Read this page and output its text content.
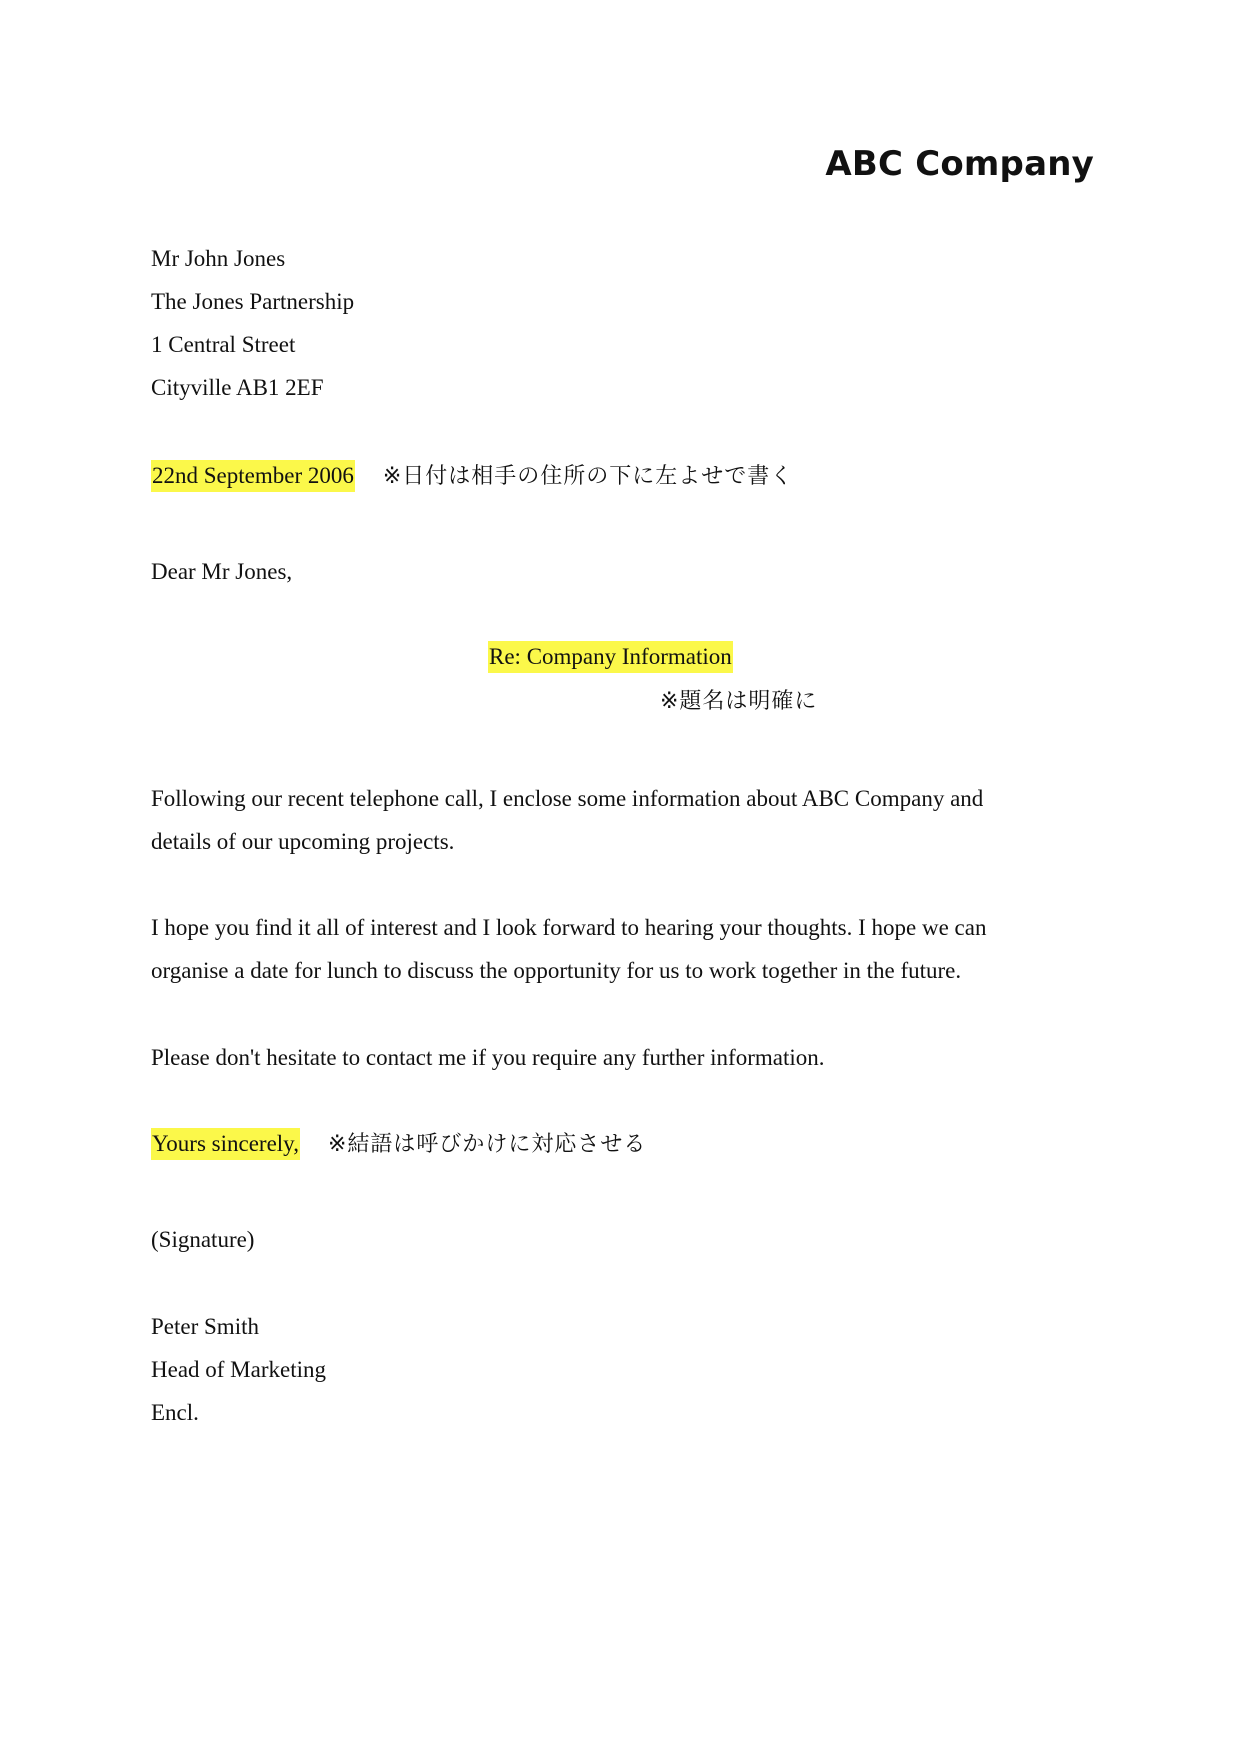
ABC Company
Mr John Jones
The Jones Partnership
1 Central Street
Cityville AB1 2EF
22nd September 2006 ※日付は相手の住所の下に左よせで書く
Dear Mr Jones,
Re: Company Information
※題名は明確に
Following our recent telephone call, I enclose some information about ABC Company and
details of our upcoming projects.
I hope you find it all of interest and I look forward to hearing your thoughts. I hope we can
organise a date for lunch to discuss the opportunity for us to work together in the future.
Please don't hesitate to contact me if you require any further information.
Yours sincerely, ※結語は呼びかけに対応させる
(Signature)
Peter Smith
Head of Marketing
Encl.
